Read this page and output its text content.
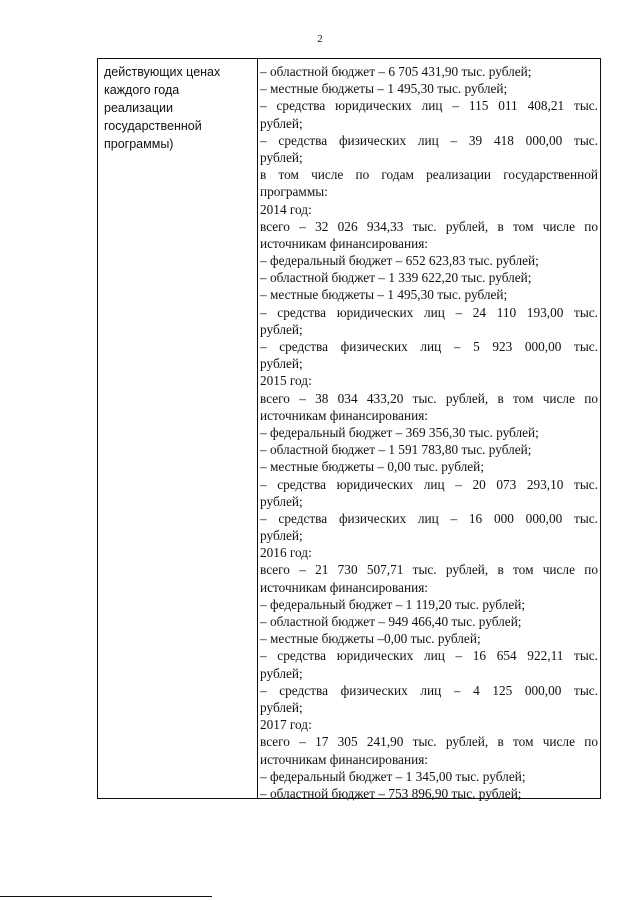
2
действующих ценах
каждого года
реализации
государственной
программы)
– областной бюджет – 6 705 431,90 тыс. рублей;
– местные бюджеты – 1 495,30 тыс. рублей;
– средства юридических лиц – 115 011 408,21 тыс.
рублей;
– средства физических лиц – 39 418 000,00 тыс.
рублей;
в том числе по годам реализации государственной
программы:
2014 год:
всего – 32 026 934,33 тыс. рублей, в том числе по
источникам финансирования:
– федеральный бюджет – 652 623,83 тыс. рублей;
– областной бюджет – 1 339 622,20 тыс. рублей;
– местные бюджеты – 1 495,30 тыс. рублей;
– средства юридических лиц – 24 110 193,00 тыс.
рублей;
– средства физических лиц – 5 923 000,00 тыс.
рублей;
2015 год:
всего – 38 034 433,20 тыс. рублей, в том числе по
источникам финансирования:
– федеральный бюджет – 369 356,30 тыс. рублей;
– областной бюджет – 1 591 783,80 тыс. рублей;
– местные бюджеты – 0,00 тыс. рублей;
– средства юридических лиц – 20 073 293,10 тыс.
рублей;
– средства физических лиц – 16 000 000,00 тыс.
рублей;
2016 год:
всего – 21 730 507,71 тыс. рублей, в том числе по
источникам финансирования:
– федеральный бюджет – 1 119,20 тыс. рублей;
– областной бюджет – 949 466,40 тыс. рублей;
– местные бюджеты –0,00 тыс. рублей;
– средства юридических лиц – 16 654 922,11 тыс.
рублей;
– средства физических лиц – 4 125 000,00 тыс.
рублей;
2017 год:
всего – 17 305 241,90 тыс. рублей, в том числе по
источникам финансирования:
– федеральный бюджет – 1 345,00 тыс. рублей;
– областной бюджет – 753 896,90 тыс. рублей;
